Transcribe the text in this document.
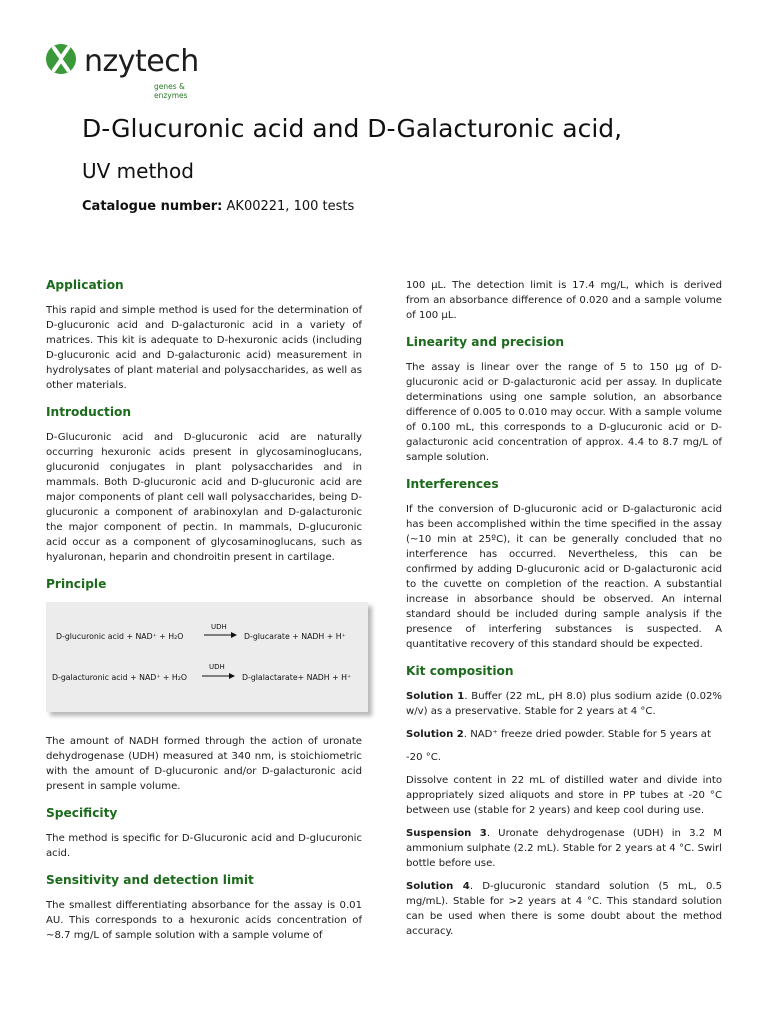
nzytech
genes & enzymes
D-Glucuronic acid and D-Galacturonic acid,
UV method
Catalogue number: AK00221, 100 tests
Application

This rapid and simple method is used for the determination of D-glucuronic acid and D-galacturonic acid in a variety of matrices. This kit is adequate to D-hexuronic acids (including D-glucuronic acid and D-galacturonic acid) measurement in hydrolysates of plant material and polysaccharides, as well as other materials.

Introduction

D-Glucuronic acid and D-glucuronic acid are naturally occurring hexuronic acids present in glycosaminoglucans, glucuronid conjugates in plant polysaccharides and in mammals. Both D-glucuronic acid and D-glucuronic acid are major components of plant cell wall polysaccharides, being D-glucuronic a component of arabinoxylan and D-galacturonic the major component of pectin. In mammals, D-glucuronic acid occur as a component of glycosaminoglucans, such as hyaluronan, heparin and chondroitin present in cartilage.

Principle
D-glucuronic acid + NAD⁺ + H₂O
UDH
D-glucarate + NADH + H⁺
D-galacturonic acid + NAD⁺ + H₂O
UDH
D-glalactarate+ NADH + H⁺

The amount of NADH formed through the action of uronate dehydrogenase (UDH) measured at 340 nm, is stoichiometric with the amount of D-glucuronic and/or D-galacturonic acid present in sample volume.

Specificity

The method is specific for D-Glucuronic acid and D-glucuronic acid.

Sensitivity and detection limit

The smallest differentiating absorbance for the assay is 0.01 AU. This corresponds to a hexuronic acids concentration of ~8.7 mg/L of sample solution with a sample volume of

100 µL. The detection limit is 17.4 mg/L, which is derived from an absorbance difference of 0.020 and a sample volume of 100 µL.

Linearity and precision

The assay is linear over the range of 5 to 150 µg of D-glucuronic acid or D-galacturonic acid per assay. In duplicate determinations using one sample solution, an absorbance difference of 0.005 to 0.010 may occur. With a sample volume of 0.100 mL, this corresponds to a D-glucuronic acid or D-galacturonic acid concentration of approx. 4.4 to 8.7 mg/L of sample solution.

Interferences

If the conversion of D-glucuronic acid or D-galacturonic acid has been accomplished within the time specified in the assay (~10 min at 25ºC), it can be generally concluded that no interference has occurred. Nevertheless, this can be confirmed by adding D-glucuronic acid or D-galacturonic acid to the cuvette on completion of the reaction. A substantial increase in absorbance should be observed. An internal standard should be included during sample analysis if the presence of interfering substances is suspected. A quantitative recovery of this standard should be expected.

Kit composition

Solution 1. Buffer (22 mL, pH 8.0) plus sodium azide (0.02% w/v) as a preservative. Stable for 2 years at 4 °C.

Solution 2. NAD⁺ freeze dried powder. Stable for 5 years at

-20 °C.

Dissolve content in 22 mL of distilled water and divide into appropriately sized aliquots and store in PP tubes at -20 °C between use (stable for 2 years) and keep cool during use.

Suspension 3. Uronate dehydrogenase (UDH) in 3.2 M ammonium sulphate (2.2 mL). Stable for 2 years at 4 °C. Swirl bottle before use.

Solution 4. D-glucuronic standard solution (5 mL, 0.5 mg/mL). Stable for >2 years at 4 °C. This standard solution can be used when there is some doubt about the method accuracy.
